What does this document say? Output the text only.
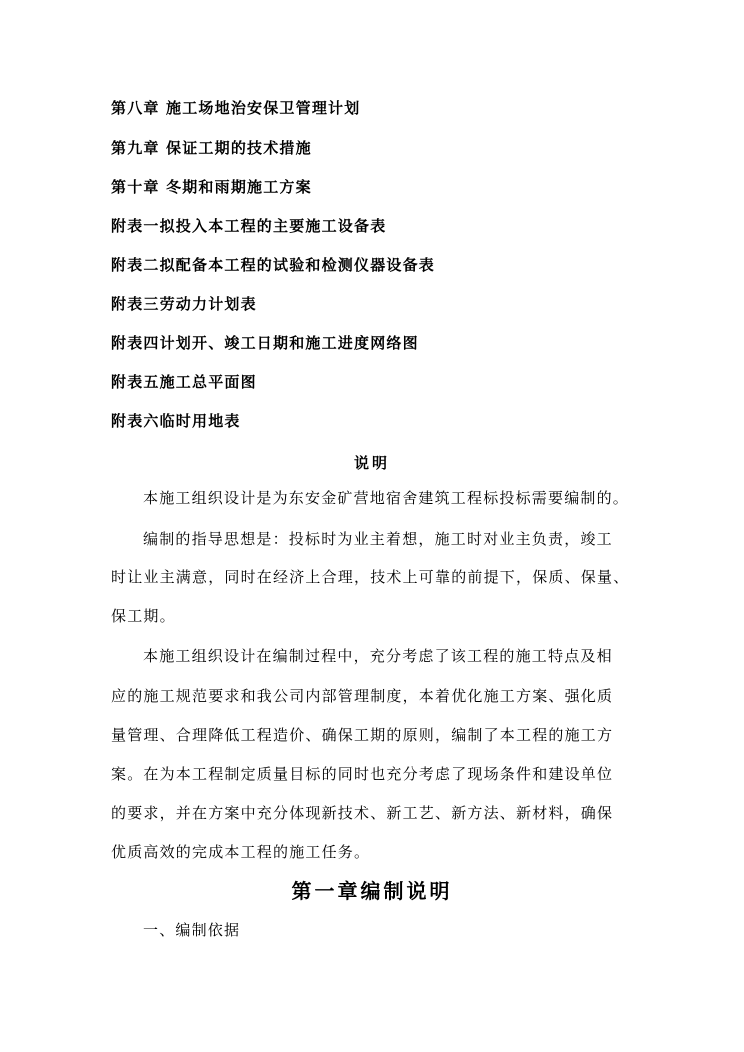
第八章 施工场地治安保卫管理计划
第九章 保证工期的技术措施
第十章 冬期和雨期施工方案
附表一拟投入本工程的主要施工设备表
附表二拟配备本工程的试验和检测仪器设备表
附表三劳动力计划表
附表四计划开、竣工日期和施工进度网络图
附表五施工总平面图
附表六临时用地表
说明
本施工组织设计是为东安金矿营地宿舍建筑工程标投标需要编制的。
编制的指导思想是：投标时为业主着想，施工时对业主负责，竣工
时让业主满意，同时在经济上合理，技术上可靠的前提下，保质、保量、
保工期。
本施工组织设计在编制过程中，充分考虑了该工程的施工特点及相
应的施工规范要求和我公司内部管理制度，本着优化施工方案、强化质
量管理、合理降低工程造价、确保工期的原则，编制了本工程的施工方
案。在为本工程制定质量目标的同时也充分考虑了现场条件和建设单位
的要求，并在方案中充分体现新技术、新工艺、新方法、新材料，确保
优质高效的完成本工程的施工任务。
第一章编制说明
一、编制依据
